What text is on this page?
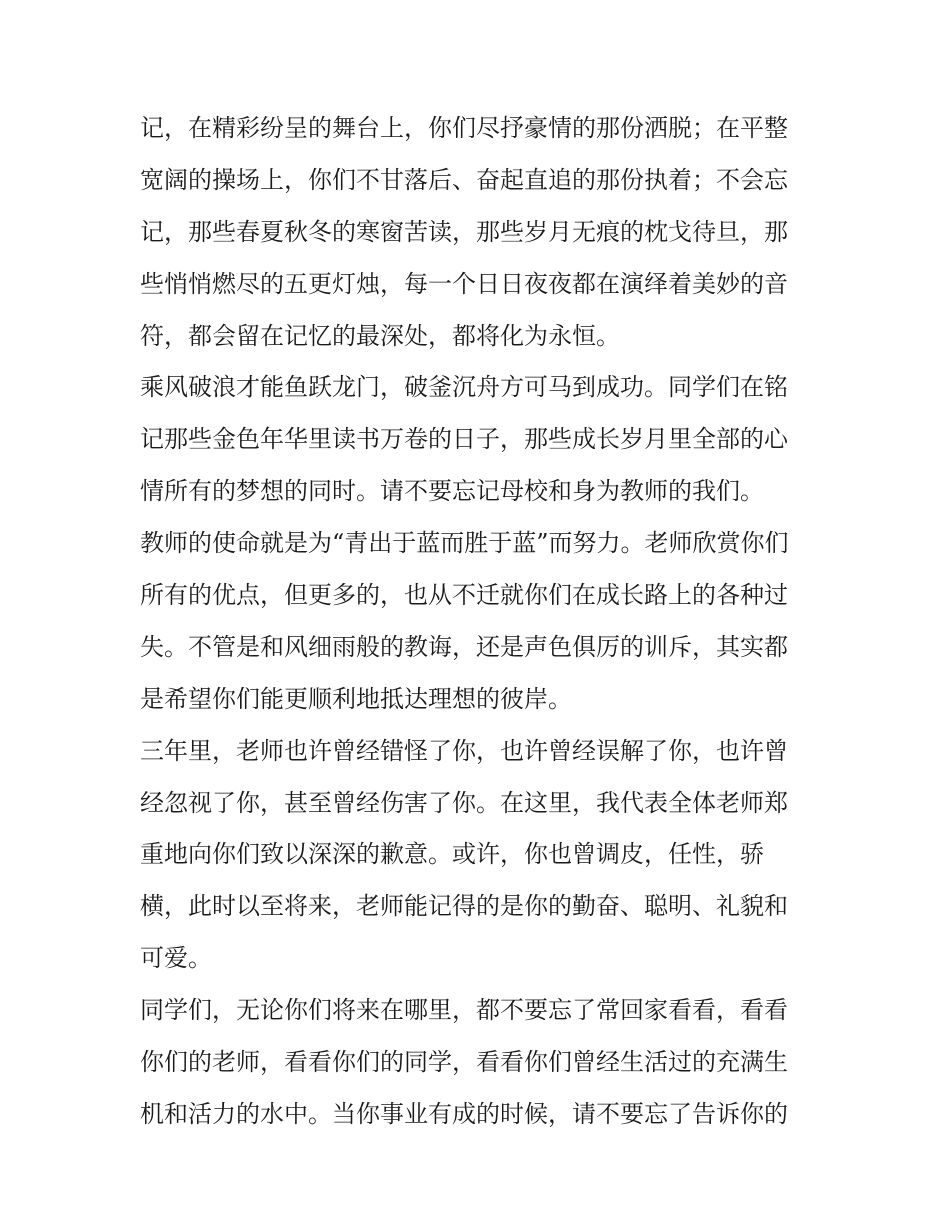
记，在精彩纷呈的舞台上，你们尽抒豪情的那份洒脱；在平整
宽阔的操场上，你们不甘落后、奋起直追的那份执着；不会忘
记，那些春夏秋冬的寒窗苦读，那些岁月无痕的枕戈待旦，那
些悄悄燃尽的五更灯烛，每一个日日夜夜都在演绎着美妙的音
符，都会留在记忆的最深处，都将化为永恒。
乘风破浪才能鱼跃龙门，破釜沉舟方可马到成功。同学们在铭
记那些金色年华里读书万卷的日子，那些成长岁月里全部的心
情所有的梦想的同时。请不要忘记母校和身为教师的我们。
教师的使命就是为“青出于蓝而胜于蓝”而努力。老师欣赏你们
所有的优点，但更多的，也从不迁就你们在成长路上的各种过
失。不管是和风细雨般的教诲，还是声色俱厉的训斥，其实都
是希望你们能更顺利地抵达理想的彼岸。
三年里，老师也许曾经错怪了你，也许曾经误解了你，也许曾
经忽视了你，甚至曾经伤害了你。在这里，我代表全体老师郑
重地向你们致以深深的歉意。或许，你也曾调皮，任性，骄
横，此时以至将来，老师能记得的是你的勤奋、聪明、礼貌和
可爱。
同学们，无论你们将来在哪里，都不要忘了常回家看看，看看
你们的老师，看看你们的同学，看看你们曾经生活过的充满生
机和活力的水中。当你事业有成的时候，请不要忘了告诉你的
